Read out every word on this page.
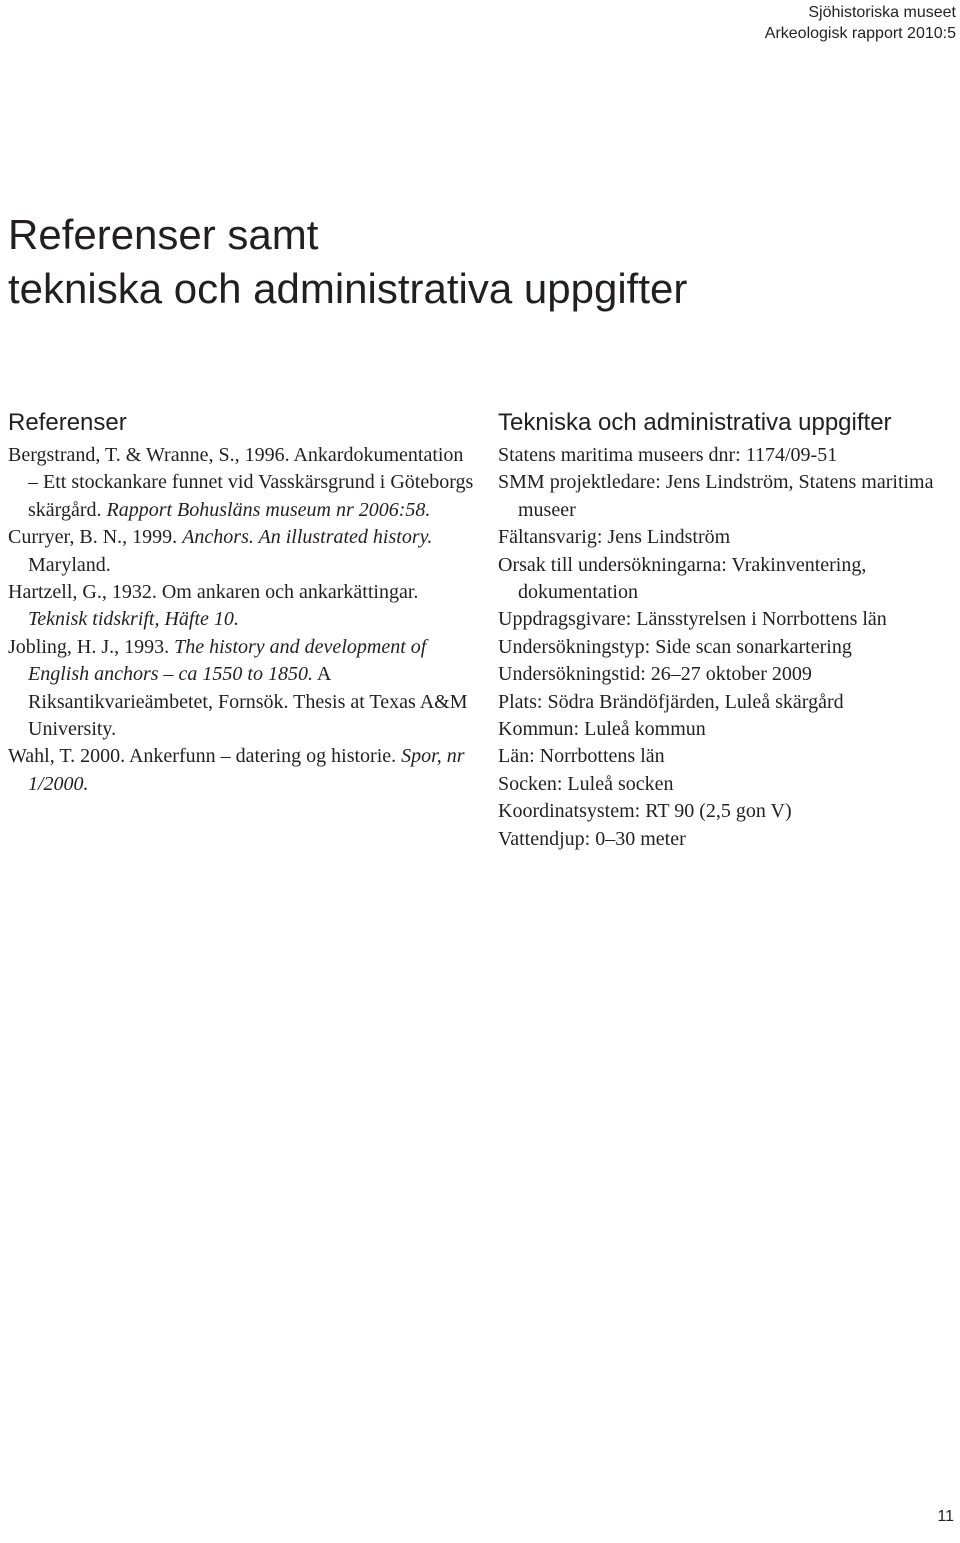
Sjöhistoriska museet
Arkeologisk rapport 2010:5
Referenser samt
tekniska och administrativa uppgifter
Referenser
Bergstrand, T. & Wranne, S., 1996. Ankardokumentation – Ett stockankare funnet vid Vasskärsgrund i Göteborgs skärgård. Rapport Bohusläns museum nr 2006:58.
Curryer, B. N., 1999. Anchors. An illustrated history. Maryland.
Hartzell, G., 1932. Om ankaren och ankarkättingar. Teknisk tidskrift, Häfte 10.
Jobling, H. J., 1993. The history and development of English anchors – ca 1550 to 1850. A Riksantikvarieämbetet, Fornsök. Thesis at Texas A&M University.
Wahl, T. 2000. Ankerfunn – datering og historie. Spor, nr 1/2000.
Tekniska och administrativa uppgifter
Statens maritima museers dnr: 1174/09-51
SMM projektledare: Jens Lindström, Statens maritima museer
Fältansvarig: Jens Lindström
Orsak till undersökningarna: Vrakinventering, dokumentation
Uppdragsgivare: Länsstyrelsen i Norrbottens län
Undersökningstyp: Side scan sonarkartering
Undersökningstid: 26–27 oktober 2009
Plats: Södra Brändöfjärden, Luleå skärgård
Kommun: Luleå kommun
Län: Norrbottens län
Socken: Luleå socken
Koordinatsystem: RT 90 (2,5 gon V)
Vattendjup: 0–30 meter
11
